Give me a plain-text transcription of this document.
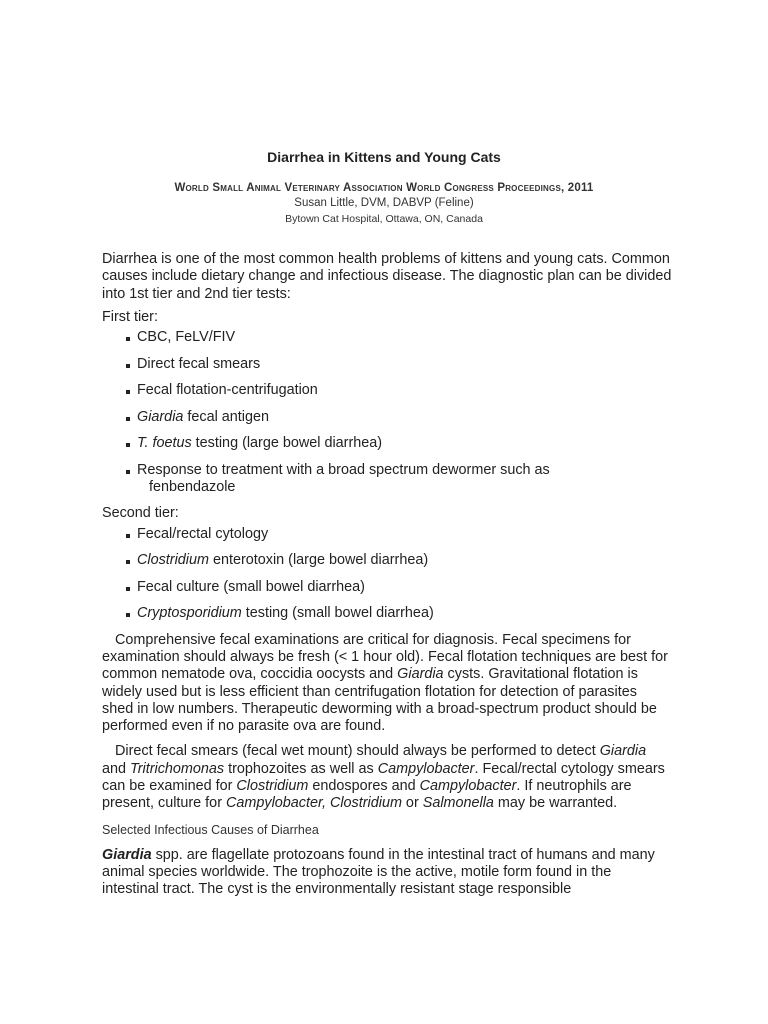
Diarrhea in Kittens and Young Cats
World Small Animal Veterinary Association World Congress Proceedings, 2011
Susan Little, DVM, DABVP (Feline)
Bytown Cat Hospital, Ottawa, ON, Canada

Diarrhea is one of the most common health problems of kittens and young cats. Common causes include dietary change and infectious disease. The diagnostic plan can be divided into 1st tier and 2nd tier tests:

First tier:

CBC, FeLV/FIV
Direct fecal smears
Fecal flotation-centrifugation
Giardia fecal antigen
T. foetus testing (large bowel diarrhea)
Response to treatment with a broad spectrum dewormer such as
fenbendazole

Second tier:

Fecal/rectal cytology
Clostridium enterotoxin (large bowel diarrhea)
Fecal culture (small bowel diarrhea)
Cryptosporidium testing (small bowel diarrhea)

Comprehensive fecal examinations are critical for diagnosis. Fecal specimens for examination should always be fresh (< 1 hour old). Fecal flotation techniques are best for common nematode ova, coccidia oocysts and Giardia cysts. Gravitational flotation is widely used but is less efficient than centrifugation flotation for detection of parasites shed in low numbers. Therapeutic deworming with a broad-spectrum product should be performed even if no parasite ova are found.

Direct fecal smears (fecal wet mount) should always be performed to detect Giardia and Tritrichomonas trophozoites as well as Campylobacter. Fecal/rectal cytology smears can be examined for Clostridium endospores and Campylobacter. If neutrophils are present, culture for Campylobacter, Clostridium or Salmonella may be warranted.

Selected Infectious Causes of Diarrhea

Giardia spp. are flagellate protozoans found in the intestinal tract of humans and many animal species worldwide. The trophozoite is the active, motile form found in the intestinal tract. The cyst is the environmentally resistant stage responsible
